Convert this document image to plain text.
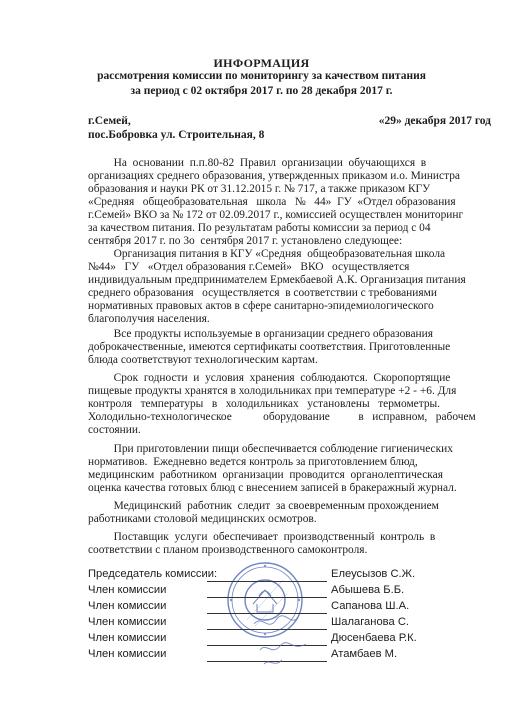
ИНФОРМАЦИЯ
рассмотрения комиссии по мониторингу за качеством питания
за период с 02 октября 2017 г. по 28 декабря 2017 г.
г.Семей,	«29» декабря 2017 год
пос.Бобровка ул. Строительная, 8
На  основании  п.п.80-82  Правил  организации  обучающихся  в
организациях среднего образования, утвержденных приказом и.о. Министра
образования и науки РК от 31.12.2015 г. № 717, а также приказом КГУ
«Средняя   общеобразовательная   школа   №   44»  ГУ  «Отдел образования
г.Семей» ВКО за № 172 от 02.09.2017 г., комиссией осуществлен мониторинг
за качеством питания. По результатам работы комиссии за период с 04
сентября 2017 г. по 3о  сентября 2017 г. установлено следующее:
Организация питания в КГУ «Средняя  общеобразовательная школа
№44»   ГУ   «Отдел образования г.Семей»   ВКО   осуществляется
индивидуальным предпринимателем Ермекбаевой А.К. Организация питания
среднего образования   осуществляется  в соответствии с требованиями
нормативных правовых актов в сфере санитарно-эпидемиологического
благополучия населения.
Все продукты используемые в организации среднего образования
доброкачественные, имеются сертификаты соответствия. Приготовленные
блюда соответствуют технологическим картам.
Срок  годности  и  условия  хранения  соблюдаются.  Скоропортящие
пищевые продукты хранятся в холодильниках при температуре +2 - +6. Для
контроля   температуры   в   холодильниках   установлены   термометры.
Холодильно-технологическое           оборудование          в   исправном,   рабочем
состоянии.
При приготовлении пищи обеспечивается соблюдение гигиенических
нормативов.  Ежедневно ведется контроль за приготовлением блюд,
медицинским  работником  организации  проводится  органолептическая
оценка качества готовых блюд с внесением записей в бракеражный журнал.
Медицинский  работник  следит  за своевременным прохождением
работниками столовой медицинских осмотров.
Поставщик  услуги  обеспечивает  производственный  контроль  в
соответствии с планом производственного самоконтроля.
Председатель комиссии:	Елеусызов С.Ж.
Член комиссии	Абышева Б.Б.
Член комиссии	Сапанова Ш.А.
Член комиссии	Шалаганова С.
Член комиссии	Дюсенбаева Р.К.
Член комиссии	Атамбаев М.
